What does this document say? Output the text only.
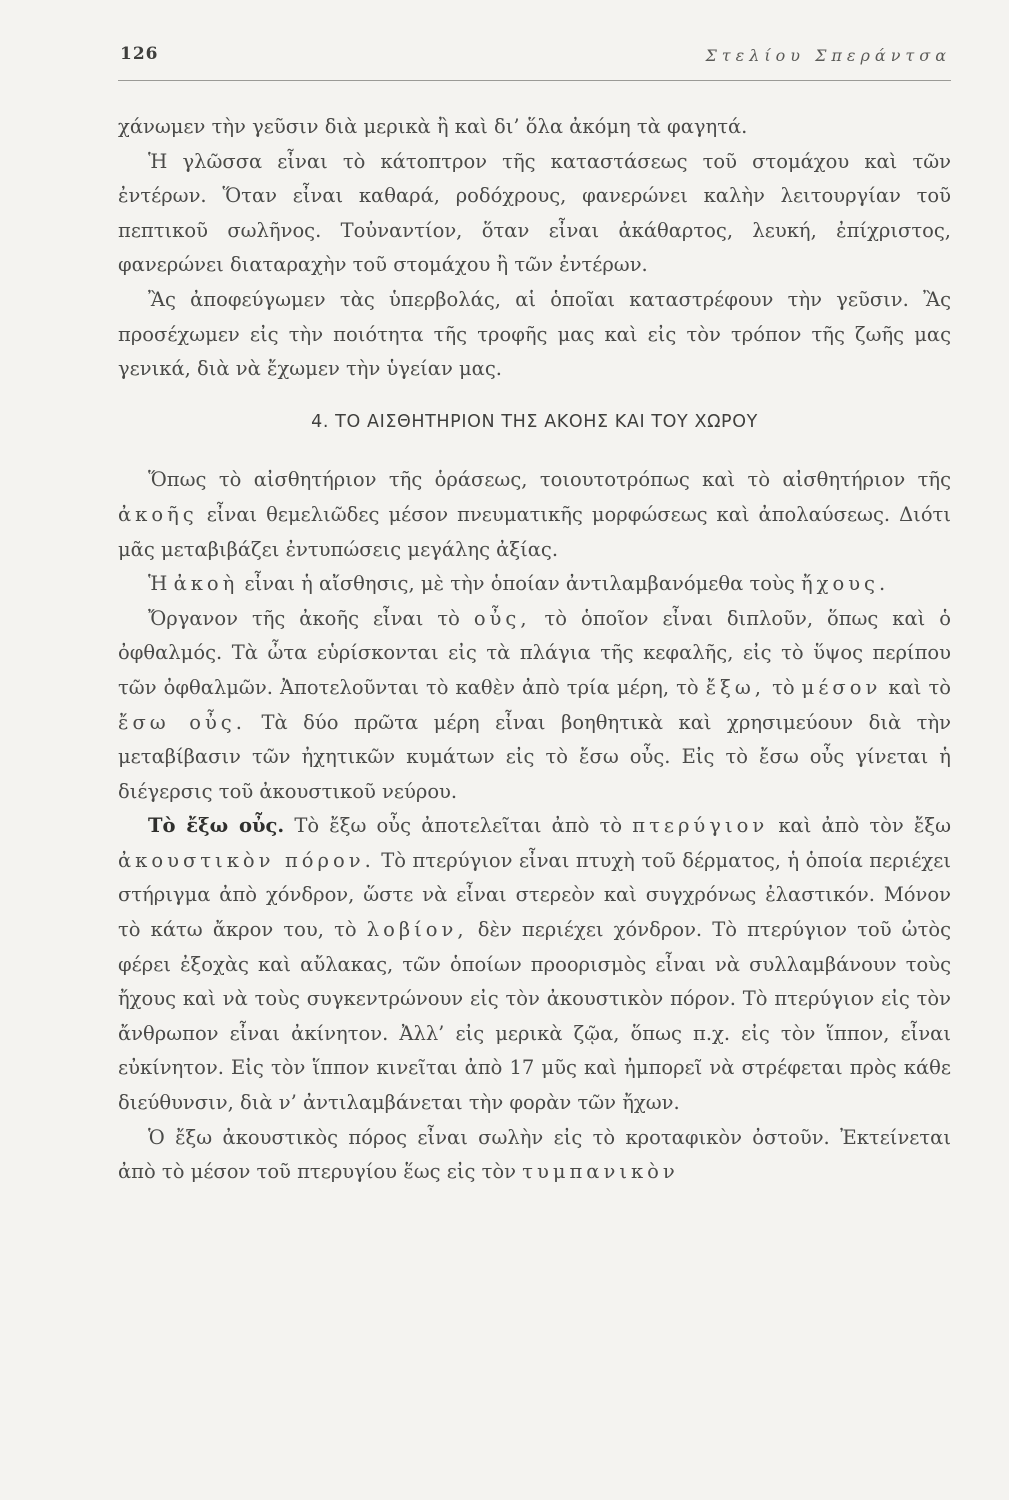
126	Στελίου Σπεράντσα

χάνωμεν τὴν γεῦσιν διὰ μερικὰ ἢ καὶ δι’ ὅλα ἀκόμη τὰ φαγητά.

Ἡ γλῶσσα εἶναι τὸ κάτοπτρον τῆς καταστάσεως τοῦ στομάχου καὶ τῶν ἐντέρων. Ὅταν εἶναι καθαρά, ροδόχρους, φανερώνει καλὴν λειτουργίαν τοῦ πεπτικοῦ σωλῆνος. Τοὐναντίον, ὅταν εἶναι ἀκάθαρτος, λευκή, ἐπίχριστος, φανερώνει διαταραχὴν τοῦ στομάχου ἢ τῶν ἐντέρων.

Ἂς ἀποφεύγωμεν τὰς ὑπερβολάς, αἱ ὁποῖαι καταστρέφουν τὴν γεῦσιν. Ἂς προσέχωμεν εἰς τὴν ποιότητα τῆς τροφῆς μας καὶ εἰς τὸν τρόπον τῆς ζωῆς μας γενικά, διὰ νὰ ἔχωμεν τὴν ὑγείαν μας.

4. ΤΟ ΑΙΣΘΗΤΗΡΙΟΝ ΤΗΣ ΑΚΟΗΣ ΚΑΙ ΤΟΥ ΧΩΡΟΥ

Ὅπως τὸ αἰσθητήριον τῆς ὁράσεως, τοιουτοτρόπως καὶ τὸ αἰσθητήριον τῆς ἀκοῆς εἶναι θεμελιῶδες μέσον πνευματικῆς μορφώσεως καὶ ἀπολαύσεως. Διότι μᾶς μεταβιβάζει ἐντυπώσεις μεγάλης ἀξίας.

Ἡ ἀκοὴ εἶναι ἡ αἴσθησις, μὲ τὴν ὁποίαν ἀντιλαμβανόμεθα τοὺς ἤχους.

Ὄργανον τῆς ἀκοῆς εἶναι τὸ οὖς, τὸ ὁποῖον εἶναι διπλοῦν, ὅπως καὶ ὁ ὀφθαλμός. Τὰ ὦτα εὑρίσκονται εἰς τὰ πλάγια τῆς κεφαλῆς, εἰς τὸ ὕψος περίπου τῶν ὀφθαλμῶν. Ἀποτελοῦνται τὸ καθὲν ἀπὸ τρία μέρη, τὸ ἔξω, τὸ μέσον καὶ τὸ ἔσω οὖς. Τὰ δύο πρῶτα μέρη εἶναι βοηθητικὰ καὶ χρησιμεύουν διὰ τὴν μεταβίβασιν τῶν ἠχητικῶν κυμάτων εἰς τὸ ἔσω οὖς. Εἰς τὸ ἔσω οὖς γίνεται ἡ διέγερσις τοῦ ἀκουστικοῦ νεύρου.

Τὸ ἔξω οὖς. Τὸ ἔξω οὖς ἀποτελεῖται ἀπὸ τὸ πτερύγιον καὶ ἀπὸ τὸν ἔξω ἀκουστικὸν πόρον. Τὸ πτερύγιον εἶναι πτυχὴ τοῦ δέρματος, ἡ ὁποία περιέχει στήριγμα ἀπὸ χόνδρον, ὥστε νὰ εἶναι στερεὸν καὶ συγχρόνως ἐλαστικόν. Μόνον τὸ κάτω ἄκρον του, τὸ λοβίον, δὲν περιέχει χόνδρον. Τὸ πτερύγιον τοῦ ὠτὸς φέρει ἐξοχὰς καὶ αὔλακας, τῶν ὁποίων προορισμὸς εἶναι νὰ συλλαμβάνουν τοὺς ἤχους καὶ νὰ τοὺς συγκεντρώνουν εἰς τὸν ἀκουστικὸν πόρον. Τὸ πτερύγιον εἰς τὸν ἄνθρωπον εἶναι ἀκίνητον. Ἀλλ’ εἰς μερικὰ ζῷα, ὅπως π.χ. εἰς τὸν ἵππον, εἶναι εὐκίνητον. Εἰς τὸν ἵππον κινεῖται ἀπὸ 17 μῦς καὶ ἠμπορεῖ νὰ στρέφεται πρὸς κάθε διεύθυνσιν, διὰ ν’ ἀντιλαμβάνεται τὴν φορὰν τῶν ἤχων.

Ὁ ἔξω ἀκουστικὸς πόρος εἶναι σωλὴν εἰς τὸ κροταφικὸν ὀστοῦν. Ἐκτείνεται ἀπὸ τὸ μέσον τοῦ πτερυγίου ἕως εἰς τὸν τυμπανικὸν
